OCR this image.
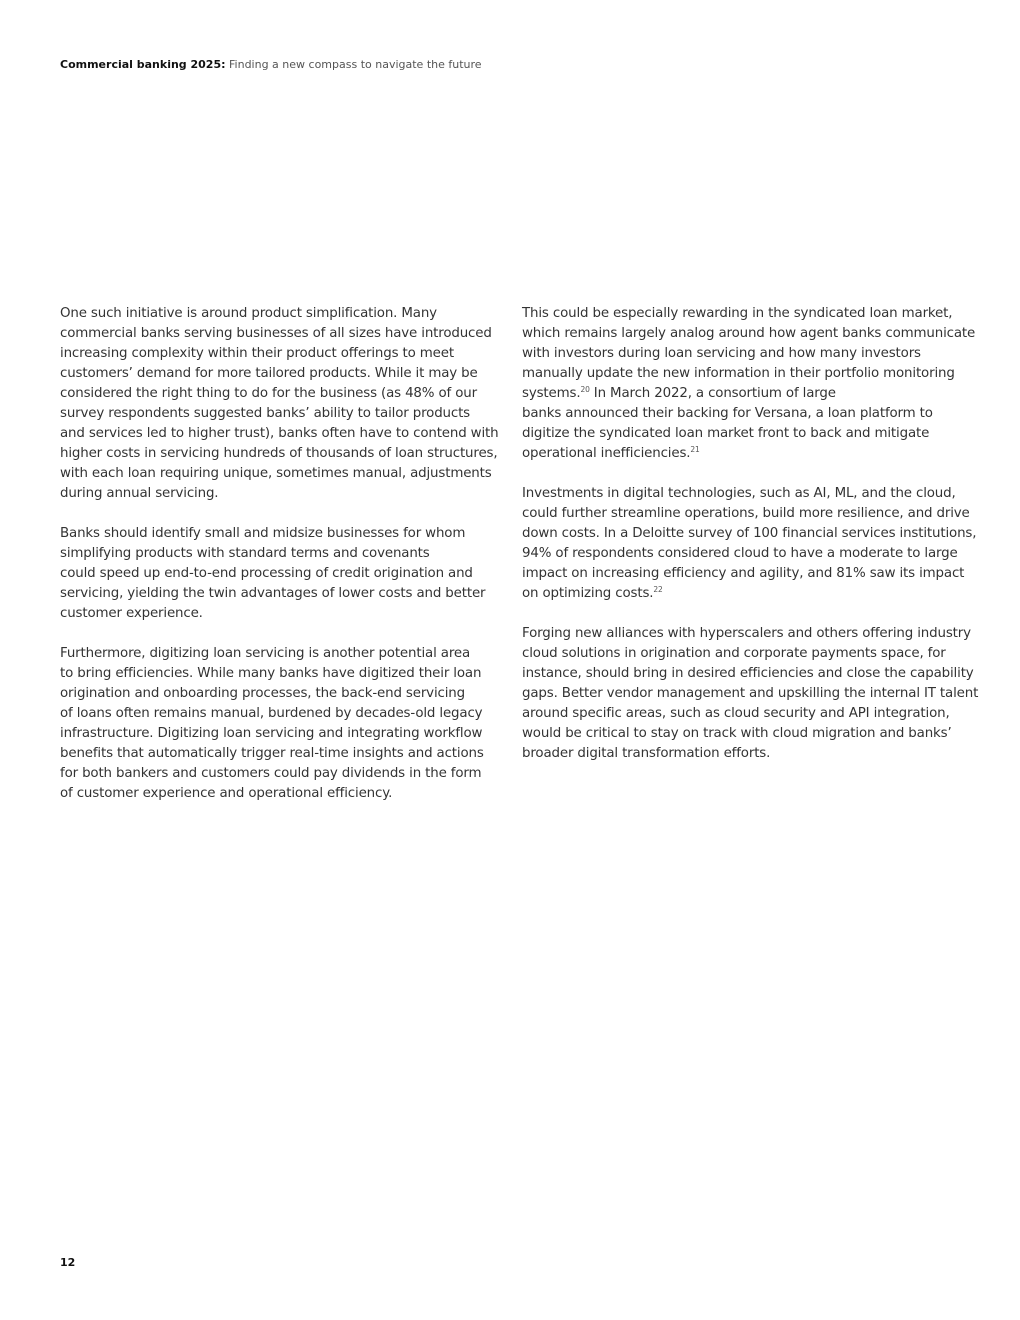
Commercial banking 2025: Finding a new compass to navigate the future

One such initiative is around product simplification. Many
commercial banks serving businesses of all sizes have introduced
increasing complexity within their product offerings to meet
customers’ demand for more tailored products. While it may be
considered the right thing to do for the business (as 48% of our
survey respondents suggested banks’ ability to tailor products
and services led to higher trust), banks often have to contend with
higher costs in servicing hundreds of thousands of loan structures,
with each loan requiring unique, sometimes manual, adjustments
during annual servicing.

Banks should identify small and midsize businesses for whom
simplifying products with standard terms and covenants
could speed up end-to-end processing of credit origination and
servicing, yielding the twin advantages of lower costs and better
customer experience.

Furthermore, digitizing loan servicing is another potential area
to bring efficiencies. While many banks have digitized their loan
origination and onboarding processes, the back-end servicing
of loans often remains manual, burdened by decades-old legacy
infrastructure. Digitizing loan servicing and integrating workflow
benefits that automatically trigger real-time insights and actions
for both bankers and customers could pay dividends in the form
of customer experience and operational efficiency.

This could be especially rewarding in the syndicated loan market,
which remains largely analog around how agent banks communicate
with investors during loan servicing and how many investors
manually update the new information in their portfolio monitoring
systems.$^{20}$ In March 2022, a consortium of large
banks announced their backing for Versana, a loan platform to
digitize the syndicated loan market front to back and mitigate
operational inefficiencies.$^{21}$

Investments in digital technologies, such as AI, ML, and the cloud,
could further streamline operations, build more resilience, and drive
down costs. In a Deloitte survey of 100 financial services institutions,
94% of respondents considered cloud to have a moderate to large
impact on increasing efficiency and agility, and 81% saw its impact
on optimizing costs.$^{22}$

Forging new alliances with hyperscalers and others offering industry
cloud solutions in origination and corporate payments space, for
instance, should bring in desired efficiencies and close the capability
gaps. Better vendor management and upskilling the internal IT talent
around specific areas, such as cloud security and API integration,
would be critical to stay on track with cloud migration and banks’
broader digital transformation efforts.

12
